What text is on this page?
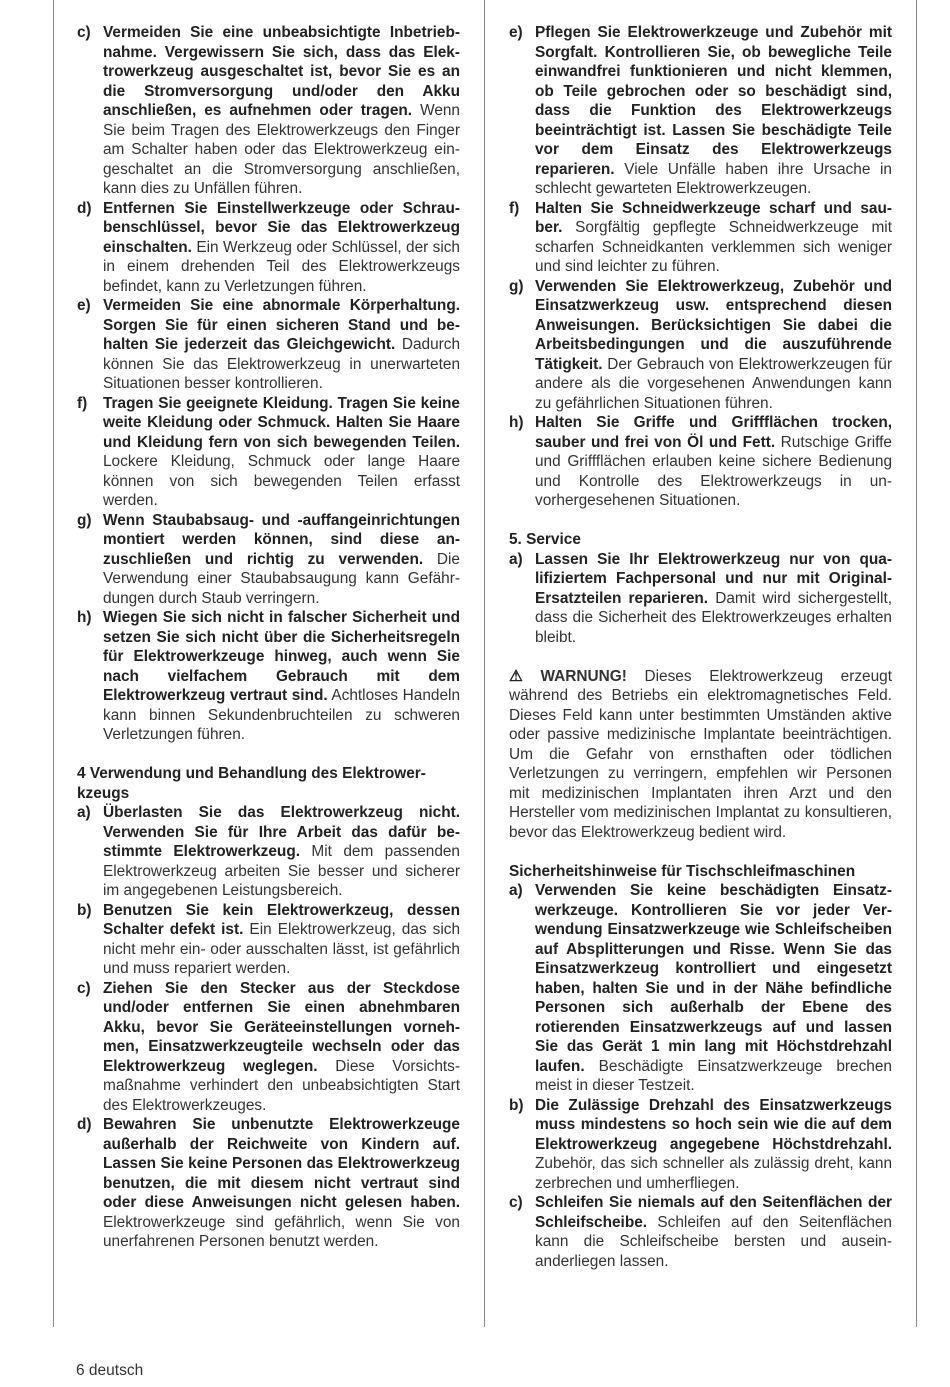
c) Vermeiden Sie eine unbeabsichtigte Inbetriebnahme. Vergewissern Sie sich, dass das Elektrowerkzeug ausgeschaltet ist, bevor Sie es an die Stromversorgung und/oder den Akku anschließen, es aufnehmen oder tragen. Wenn Sie beim Tragen des Elektrowerkzeugs den Finger am Schalter haben oder das Elektrowerkzeug eingeschaltet an die Stromversorgung anschließen, kann dies zu Unfällen führen.
d) Entfernen Sie Einstellwerkzeuge oder Schraubenschlüssel, bevor Sie das Elektrowerkzeug einschalten. Ein Werkzeug oder Schlüssel, der sich in einem drehenden Teil des Elektrowerkzeugs befindet, kann zu Verletzungen führen.
e) Vermeiden Sie eine abnormale Körperhaltung. Sorgen Sie für einen sicheren Stand und behalten Sie jederzeit das Gleichgewicht. Dadurch können Sie das Elektrowerkzeug in unerwarteten Situationen besser kontrollieren.
f)	Tragen Sie geeignete Kleidung. Tragen Sie keine weite Kleidung oder Schmuck. Halten Sie Haare und Kleidung fern von sich bewegenden Teilen. Lockere Kleidung, Schmuck oder lange Haare können von sich bewegenden Teilen erfasst werden.
g) Wenn Staubabsaug- und -auffangeinrichtungen montiert werden können, sind diese anzuschließen und richtig zu verwenden. Die Verwendung einer Staubabsaugung kann Gefährdungen durch Staub verringern.
h) Wiegen Sie sich nicht in falscher Sicherheit und setzen Sie sich nicht über die Sicherheitsregeln für Elektrowerkzeuge hinweg, auch wenn Sie nach vielfachem Gebrauch mit dem Elektrowerkzeug vertraut sind. Achtloses Handeln kann binnen Sekundenbruchteilen zu schweren Verletzungen führen.
4 Verwendung und Behandlung des Elektrowerkzeugs
a) Überlasten Sie das Elektrowerkzeug nicht. Verwenden Sie für Ihre Arbeit das dafür bestimmte Elektrowerkzeug. Mit dem passenden Elektrowerkzeug arbeiten Sie besser und sicherer im angegebenen Leistungsbereich.
b) Benutzen Sie kein Elektrowerkzeug, dessen Schalter defekt ist. Ein Elektrowerkzeug, das sich nicht mehr ein- oder ausschalten lässt, ist gefährlich und muss repariert werden.
c) Ziehen Sie den Stecker aus der Steckdose und/oder entfernen Sie einen abnehmbaren Akku, bevor Sie Geräteeinstellungen vornehmen, Einsatzwerkzeugteile wechseln oder das Elektrowerkzeug weglegen. Diese Vorsichtsmaßnahme verhindert den unbeabsichtigten Start des Elektrowerkzeuges.
d) Bewahren Sie unbenutzte Elektrowerkzeuge außerhalb der Reichweite von Kindern auf. Lassen Sie keine Personen das Elektrowerkzeug benutzen, die mit diesem nicht vertraut sind oder diese Anweisungen nicht gelesen haben. Elektrowerkzeuge sind gefährlich, wenn Sie von unerfahrenen Personen benutzt werden.
e) Pflegen Sie Elektrowerkzeuge und Zubehör mit Sorgfalt. Kontrollieren Sie, ob bewegliche Teile einwandfrei funktionieren und nicht klemmen, ob Teile gebrochen oder so beschädigt sind, dass die Funktion des Elektrowerkzeugs beeinträchtigt ist. Lassen Sie beschädigte Teile vor dem Einsatz des Elektrowerkzeugs reparieren. Viele Unfälle haben ihre Ursache in schlecht gewarteten Elektrowerkzeugen.
f)	Halten Sie Schneidwerkzeuge scharf und sauber. Sorgfältig gepflegte Schneidwerkzeuge mit scharfen Schneidkanten verklemmen sich weniger und sind leichter zu führen.
g) Verwenden Sie Elektrowerkzeug, Zubehör und Einsatzwerkzeug usw. entsprechend diesen Anweisungen. Berücksichtigen Sie dabei die Arbeitsbedingungen und die auszuführende Tätigkeit. Der Gebrauch von Elektrowerkzeugen für andere als die vorgesehenen Anwendungen kann zu gefährlichen Situationen führen.
h) Halten Sie Griffe und Griffflächen trocken, sauber und frei von Öl und Fett. Rutschige Griffe und Griffflächen erlauben keine sichere Bedienung und Kontrolle des Elektrowerkzeugs in unvorhergesehenen Situationen.
5. Service
a) Lassen Sie Ihr Elektrowerkzeug nur von qualifiziertem Fachpersonal und nur mit Original-Ersatzteilen reparieren. Damit wird sichergestellt, dass die Sicherheit des Elektrowerkzeuges erhalten bleibt.
⚠ WARNUNG! Dieses Elektrowerkzeug erzeugt während des Betriebs ein elektromagnetisches Feld. Dieses Feld kann unter bestimmten Umständen aktive oder passive medizinische Implantate beeinträchtigen. Um die Gefahr von ernsthaften oder tödlichen Verletzungen zu verringern, empfehlen wir Personen mit medizinischen Implantaten ihren Arzt und den Hersteller vom medizinischen Implantat zu konsultieren, bevor das Elektrowerkzeug bedient wird.
Sicherheitshinweise für Tischschleifmaschinen
a) Verwenden Sie keine beschädigten Einsatzwerkzeuge. Kontrollieren Sie vor jeder Verwendung Einsatzwerkzeuge wie Schleifscheiben auf Absplitterungen und Risse. Wenn Sie das Einsatzwerkzeug kontrolliert und eingesetzt haben, halten Sie und in der Nähe befindliche Personen sich außerhalb der Ebene des rotierenden Einsatzwerkzeugs auf und lassen Sie das Gerät 1 min lang mit Höchstdrehzahl laufen. Beschädigte Einsatzwerkzeuge brechen meist in dieser Testzeit.
b) Die Zulässige Drehzahl des Einsatzwerkzeugs muss mindestens so hoch sein wie die auf dem Elektrowerkzeug angegebene Höchstdrehzahl. Zubehör, das sich schneller als zulässig dreht, kann zerbrechen und umherfliegen.
c) Schleifen Sie niemals auf den Seitenflächen der Schleifscheibe. Schleifen auf den Seitenflächen kann die Schleifscheibe bersten und auseinanderliegen lassen.
6 deutsch
